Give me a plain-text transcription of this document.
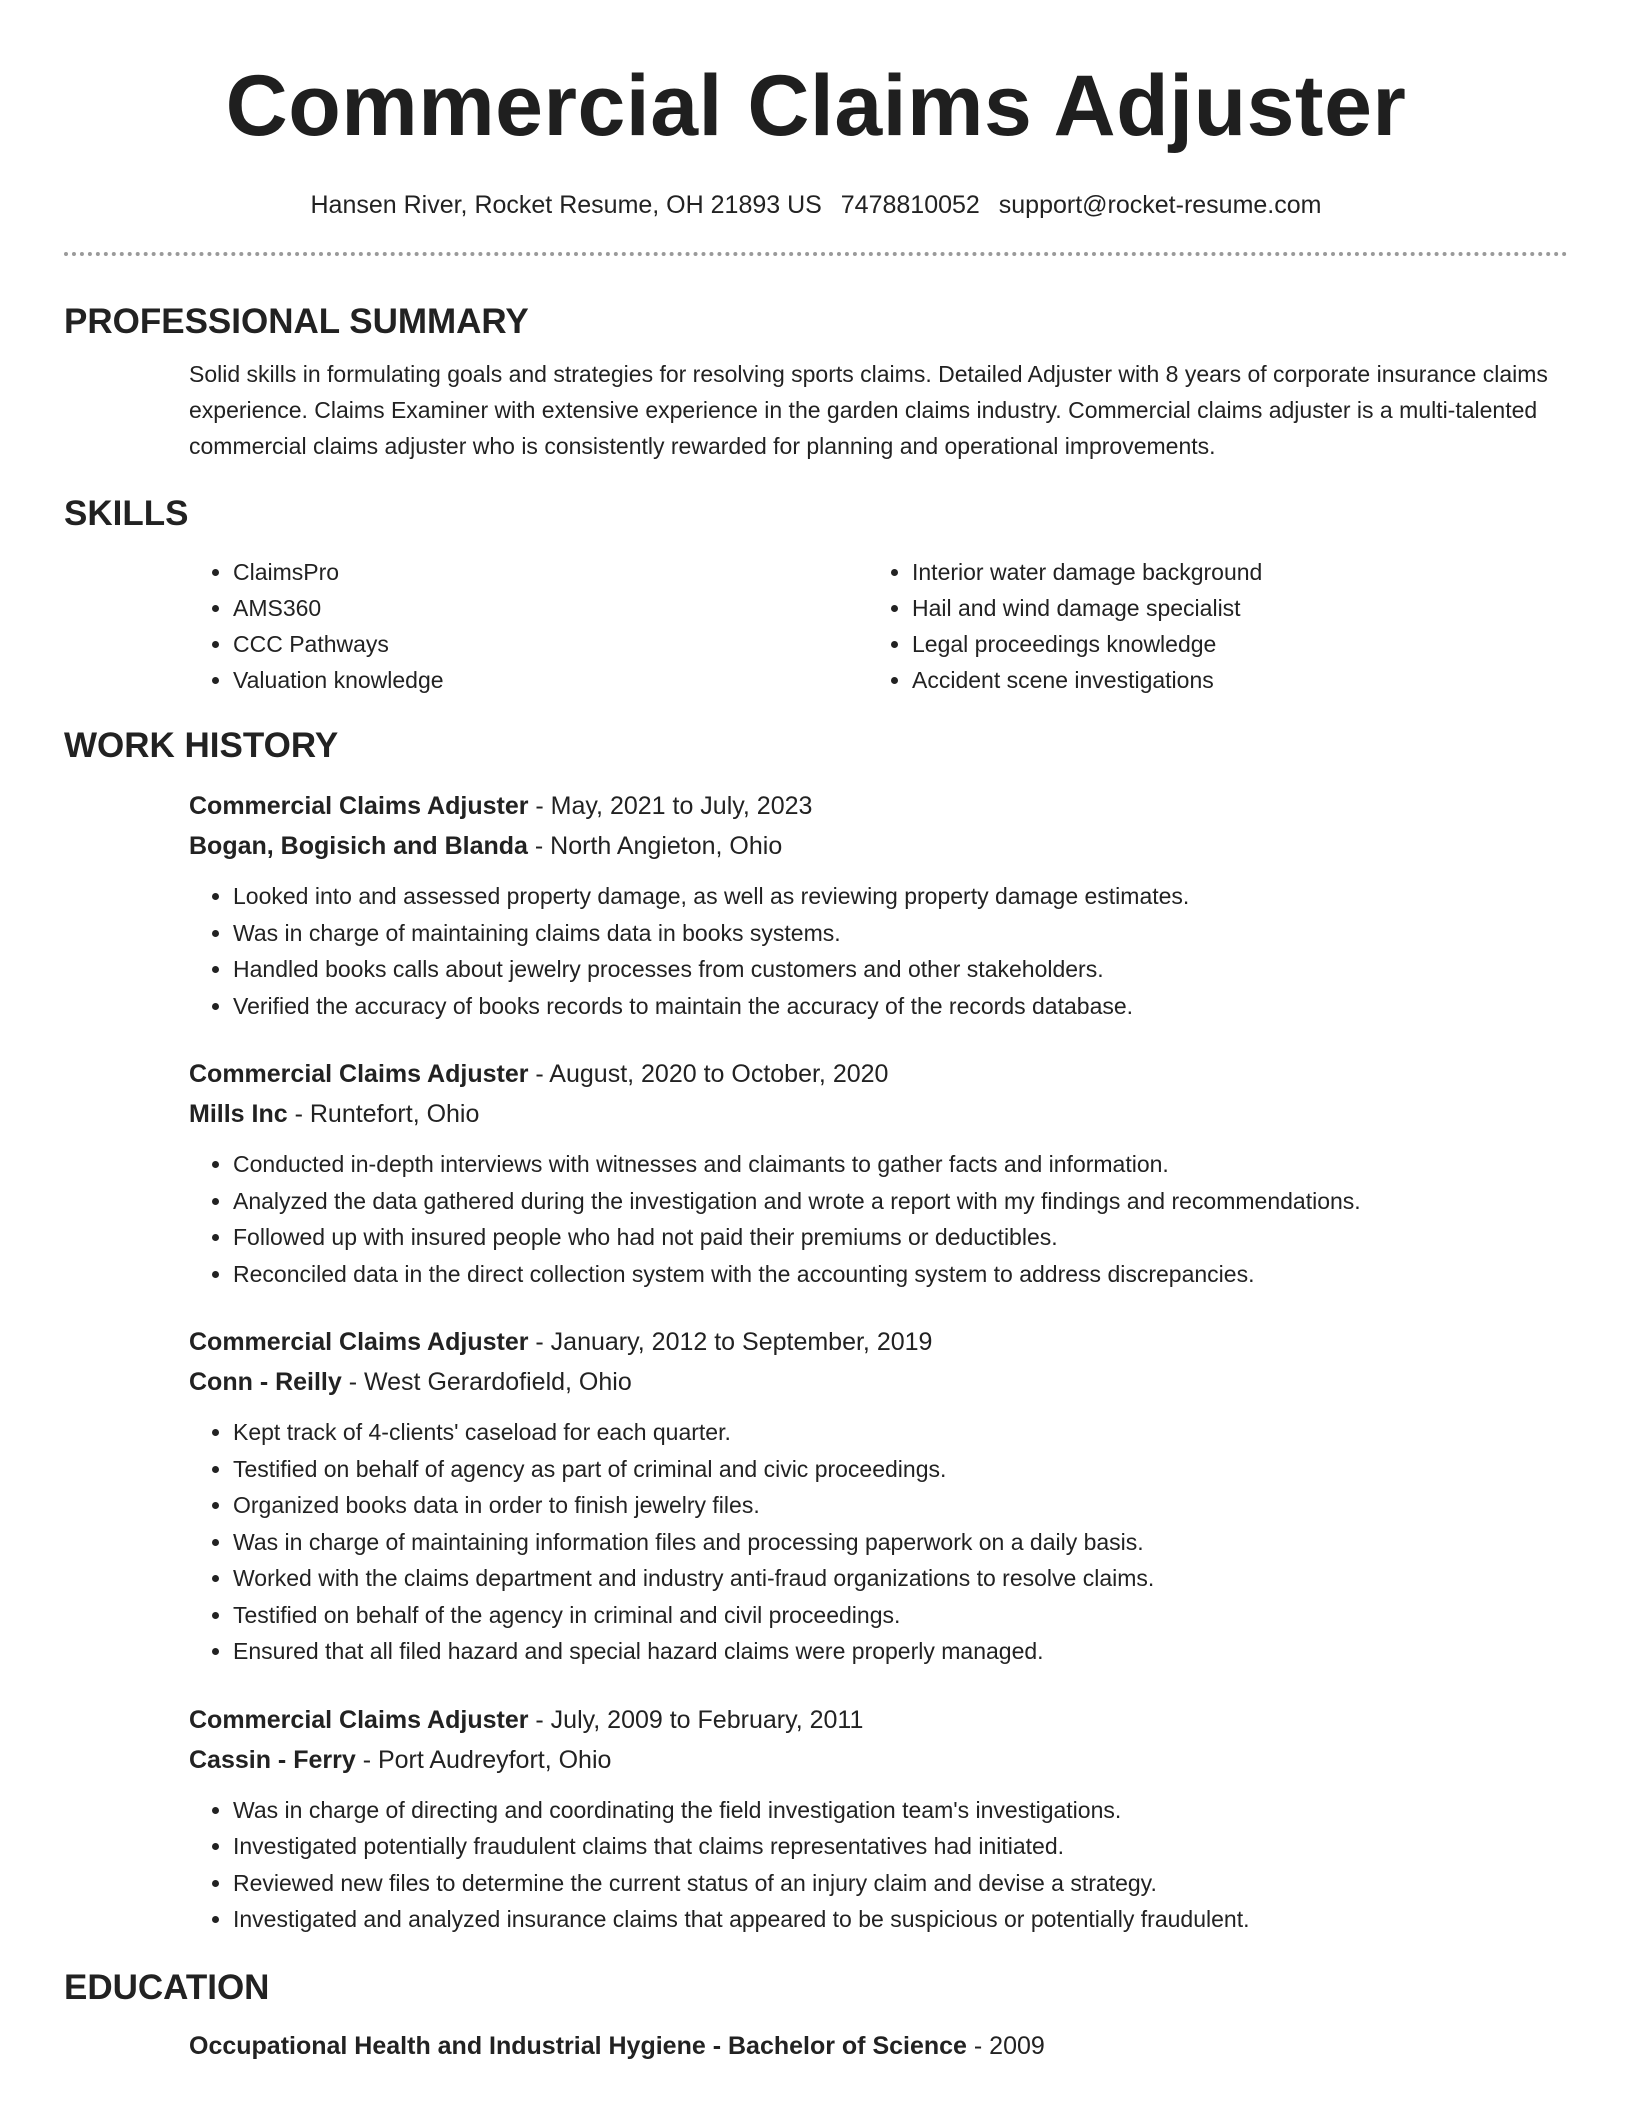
Commercial Claims Adjuster
Hansen River, Rocket Resume, OH 21893 US 7478810052 support@rocket-resume.com
PROFESSIONAL SUMMARY
Solid skills in formulating goals and strategies for resolving sports claims. Detailed Adjuster with 8 years of corporate insurance claims experience. Claims Examiner with extensive experience in the garden claims industry. Commercial claims adjuster is a multi-talented commercial claims adjuster who is consistently rewarded for planning and operational improvements.
SKILLS
• ClaimsPro
• AMS360
• CCC Pathways
• Valuation knowledge
• Interior water damage background
• Hail and wind damage specialist
• Legal proceedings knowledge
• Accident scene investigations
WORK HISTORY
Commercial Claims Adjuster - May, 2021 to July, 2023
Bogan, Bogisich and Blanda - North Angieton, Ohio
• Looked into and assessed property damage, as well as reviewing property damage estimates.
• Was in charge of maintaining claims data in books systems.
• Handled books calls about jewelry processes from customers and other stakeholders.
• Verified the accuracy of books records to maintain the accuracy of the records database.
Commercial Claims Adjuster - August, 2020 to October, 2020
Mills Inc - Runtefort, Ohio
• Conducted in-depth interviews with witnesses and claimants to gather facts and information.
• Analyzed the data gathered during the investigation and wrote a report with my findings and recommendations.
• Followed up with insured people who had not paid their premiums or deductibles.
• Reconciled data in the direct collection system with the accounting system to address discrepancies.
Commercial Claims Adjuster - January, 2012 to September, 2019
Conn - Reilly - West Gerardofield, Ohio
• Kept track of 4-clients' caseload for each quarter.
• Testified on behalf of agency as part of criminal and civic proceedings.
• Organized books data in order to finish jewelry files.
• Was in charge of maintaining information files and processing paperwork on a daily basis.
• Worked with the claims department and industry anti-fraud organizations to resolve claims.
• Testified on behalf of the agency in criminal and civil proceedings.
• Ensured that all filed hazard and special hazard claims were properly managed.
Commercial Claims Adjuster - July, 2009 to February, 2011
Cassin - Ferry - Port Audreyfort, Ohio
• Was in charge of directing and coordinating the field investigation team's investigations.
• Investigated potentially fraudulent claims that claims representatives had initiated.
• Reviewed new files to determine the current status of an injury claim and devise a strategy.
• Investigated and analyzed insurance claims that appeared to be suspicious or potentially fraudulent.
EDUCATION
Occupational Health and Industrial Hygiene - Bachelor of Science - 2009
